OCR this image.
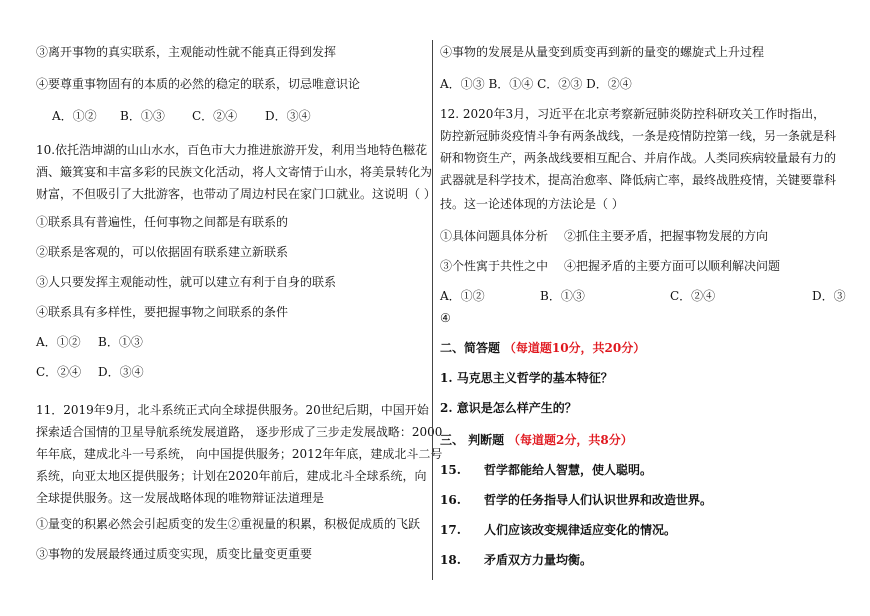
③离开事物的真实联系，主观能动性就不能真正得到发挥
④要尊重事物固有的本质的必然的稳定的联系，切忌唯意识论
A．①② B．①③ C．②④ D．③④
10.依托浩坤湖的山山水水，百色市大力推进旅游开发，利用当地特色糍花
酒、簸箕宴和丰富多彩的民族文化活动，将人文寄情于山水，将美景转化为
财富，不但吸引了大批游客，也带动了周边村民在家门口就业。这说明（ ）
①联系具有普遍性，任何事物之间都是有联系的
②联系是客观的，可以依据固有联系建立新联系
③人只要发挥主观能动性，就可以建立有利于自身的联系
④联系具有多样性，要把握事物之间联系的条件
A．①② B．①③
C．②④ D．③④
11．2019年9月，北斗系统正式向全球提供服务。20世纪后期，中国开始
探索适合国情的卫星导航系统发展道路， 逐步形成了三步走发展战略：2000
年年底，建成北斗一号系统， 向中国提供服务；2012年年底，建成北斗二号
系统，向亚太地区提供服务；计划在2020年前后，建成北斗全球系统，向
全球提供服务。这一发展战略体现的唯物辩证法道理是
①量变的积累必然会引起质变的发生②重视量的积累，积极促成质的飞跃
③事物的发展最终通过质变实现，质变比量变更重要
④事物的发展是从量变到质变再到新的量变的螺旋式上升过程
A．①③ B．①④ C．②③ D．②④
12. 2020年3月，习近平在北京考察新冠肺炎防控科研攻关工作时指出，
防控新冠肺炎疫情斗争有两条战线，一条是疫情防控第一线，另一条就是科
研和物资生产，两条战线要相互配合、并肩作战。人类同疾病较量最有力的
武器就是科学技术，提高治愈率、降低病亡率，最终战胜疫情，关键要靠科
技。这一论述体现的方法论是（ ）
①具体问题具体分析 ②抓住主要矛盾，把握事物发展的方向
③个性寓于共性之中 ④把握矛盾的主要方面可以顺利解决问题
A．①②	B．①③	C．②④	D．③
④
二、简答题 （每道题10分，共20分）
1. 马克思主义哲学的基本特征？
2. 意识是怎么样产生的？
三、 判断题 （每道题2分，共8分）
15. 哲学都能给人智慧，使人聪明。
16. 哲学的任务指导人们认识世界和改造世界。
17. 人们应该改变规律适应变化的情况。
18. 矛盾双方力量均衡。
